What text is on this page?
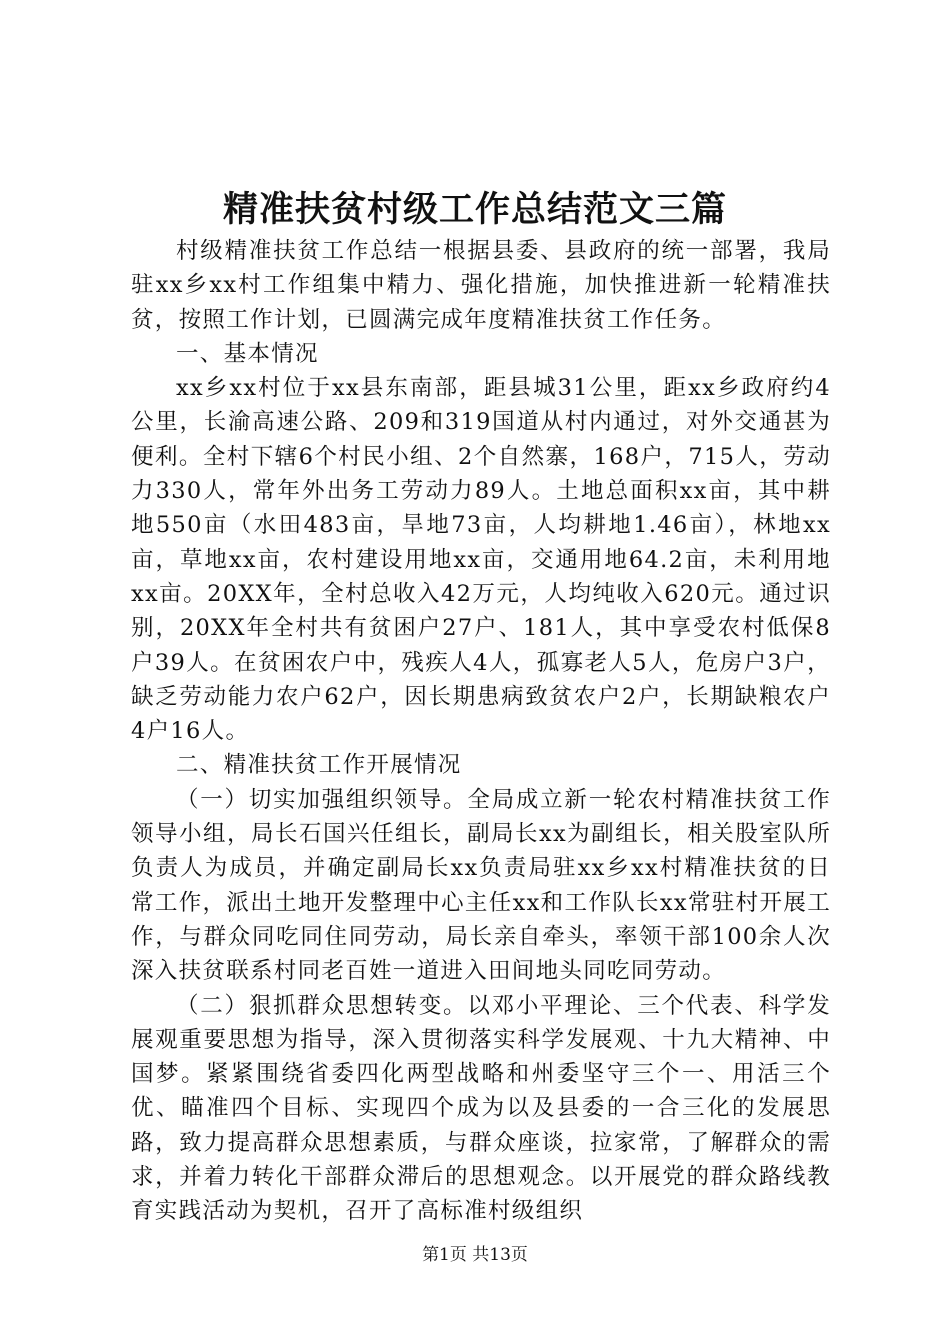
精准扶贫村级工作总结范文三篇

村级精准扶贫工作总结一根据县委、县政府的统一部署，我局驻xx乡xx村工作组集中精力、强化措施，加快推进新一轮精准扶贫，按照工作计划，已圆满完成年度精准扶贫工作任务。

一、基本情况

xx乡xx村位于xx县东南部，距县城31公里，距xx乡政府约4公里，长渝高速公路、209和319国道从村内通过，对外交通甚为便利。全村下辖6个村民小组、2个自然寨，168户，715人，劳动力330人，常年外出务工劳动力89人。土地总面积xx亩，其中耕地550亩（水田483亩，旱地73亩，人均耕地1.46亩），林地xx亩，草地xx亩，农村建设用地xx亩，交通用地64.2亩，未利用地xx亩。20XX年，全村总收入42万元，人均纯收入620元。通过识别，20XX年全村共有贫困户27户、181人，其中享受农村低保8户39人。在贫困农户中，残疾人4人，孤寡老人5人，危房户3户，缺乏劳动能力农户62户，因长期患病致贫农户2户，长期缺粮农户4户16人。

二、精准扶贫工作开展情况

（一）切实加强组织领导。全局成立新一轮农村精准扶贫工作领导小组，局长石国兴任组长，副局长xx为副组长，相关股室队所负责人为成员，并确定副局长xx负责局驻xx乡xx村精准扶贫的日常工作，派出土地开发整理中心主任xx和工作队长xx常驻村开展工作，与群众同吃同住同劳动，局长亲自牵头，率领干部100余人次深入扶贫联系村同老百姓一道进入田间地头同吃同劳动。

（二）狠抓群众思想转变。以邓小平理论、三个代表、科学发展观重要思想为指导，深入贯彻落实科学发展观、十九大精神、中国梦。紧紧围绕省委四化两型战略和州委坚守三个一、用活三个优、瞄准四个目标、实现四个成为以及县委的一合三化的发展思路，致力提高群众思想素质，与群众座谈，拉家常，了解群众的需求，并着力转化干部群众滞后的思想观念。以开展党的群众路线教育实践活动为契机，召开了高标准村级组织

第1页 共13页
